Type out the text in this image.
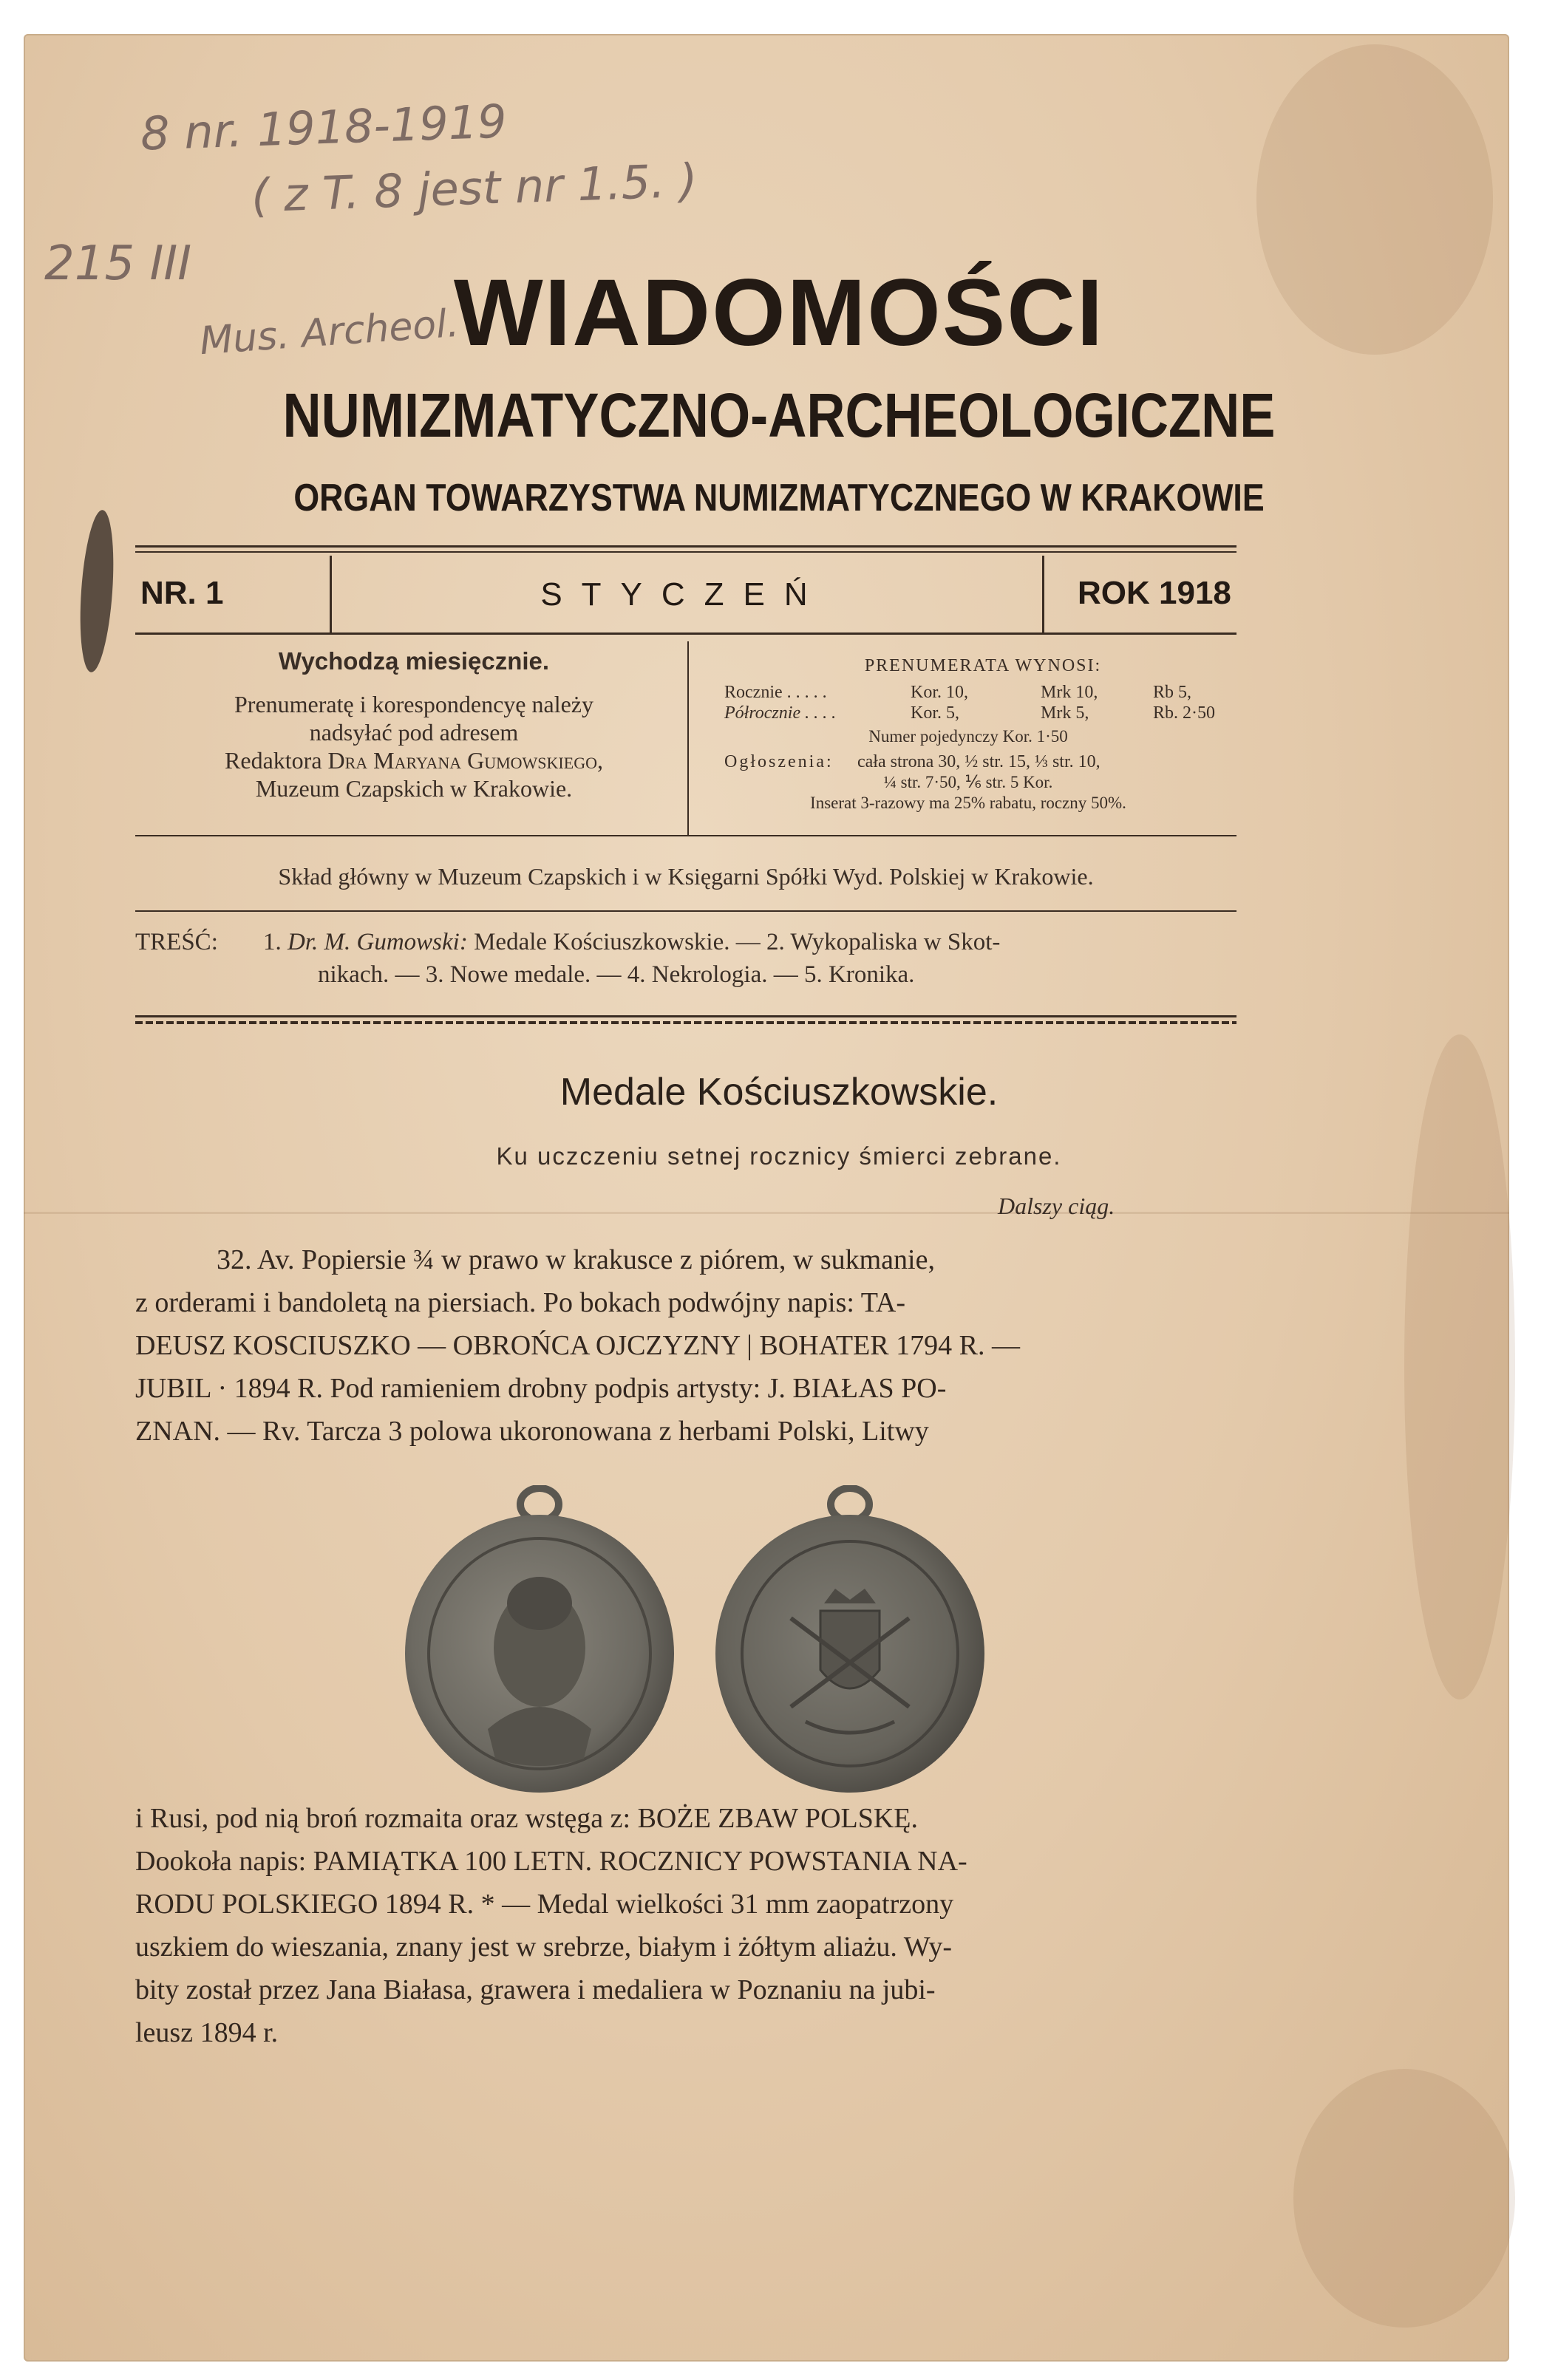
8 nr. 1918-1919
( z T. 8 jest nr 1.5. )
215 III
Mus. Archeol.
WIADOMOŚCI
NUMIZMATYCZNO-ARCHEOLOGICZNE
ORGAN TOWARZYSTWA NUMIZMATYCZNEGO W KRAKOWIE
NR. 1	STYCZEŃ	ROK 1918
Wychodzą miesięcznie.
Prenumeratę i korespondencyę należy
nadsyłać pod adresem
Redaktora Dra Maryana Gumowskiego,
Muzeum Czapskich w Krakowie.
PRENUMERATA WYNOSI:
Rocznie . . . . .	Kor. 10,	Mrk 10,	Rb 5,
Półrocznie . . . .	Kor. 5,	Mrk 5,	Rb. 2·50
Numer pojedynczy Kor. 1·50
Ogłoszenia: cała strona 30, ½ str. 15, ⅓ str. 10,
¼ str. 7·50, ⅙ str. 5 Kor.
Inserat 3-razowy ma 25% rabatu, roczny 50%.
Skład główny w Muzeum Czapskich i w Księgarni Spółki Wyd. Polskiej w Krakowie.
TREŚĆ: 1. Dr. M. Gumowski: Medale Kościuszkowskie. — 2. Wykopaliska w Skot-
nikach. — 3. Nowe medale. — 4. Nekrologia. — 5. Kronika.
Medale Kościuszkowskie.
Ku uczczeniu setnej rocznicy śmierci zebrane.
Dalszy ciąg.

32. Av. Popiersie ¾ w prawo w krakusce z piórem, w sukmanie,

z orderami i bandoletą na piersiach. Po bokach podwójny napis: TA-

DEUSZ KOSCIUSZKO — OBROŃCA OJCZYZNY | BOHATER 1794 R. —

JUBIL · 1894 R. Pod ramieniem drobny podpis artysty: J. BIAŁAS PO-

ZNAN. — Rv. Tarcza 3 polowa ukoronowana z herbami Polski, Litwy

i Rusi, pod nią broń rozmaita oraz wstęga z: BOŻE ZBAW POLSKĘ.

Dookoła napis: PAMIĄTKA 100 LETN. ROCZNICY POWSTANIA NA-

RODU POLSKIEGO 1894 R. * — Medal wielkości 31 mm zaopatrzony

uszkiem do wieszania, znany jest w srebrze, białym i żółtym aliażu. Wy-

bity został przez Jana Białasa, grawera i medaliera w Poznaniu na jubi-

leusz 1894 r.
